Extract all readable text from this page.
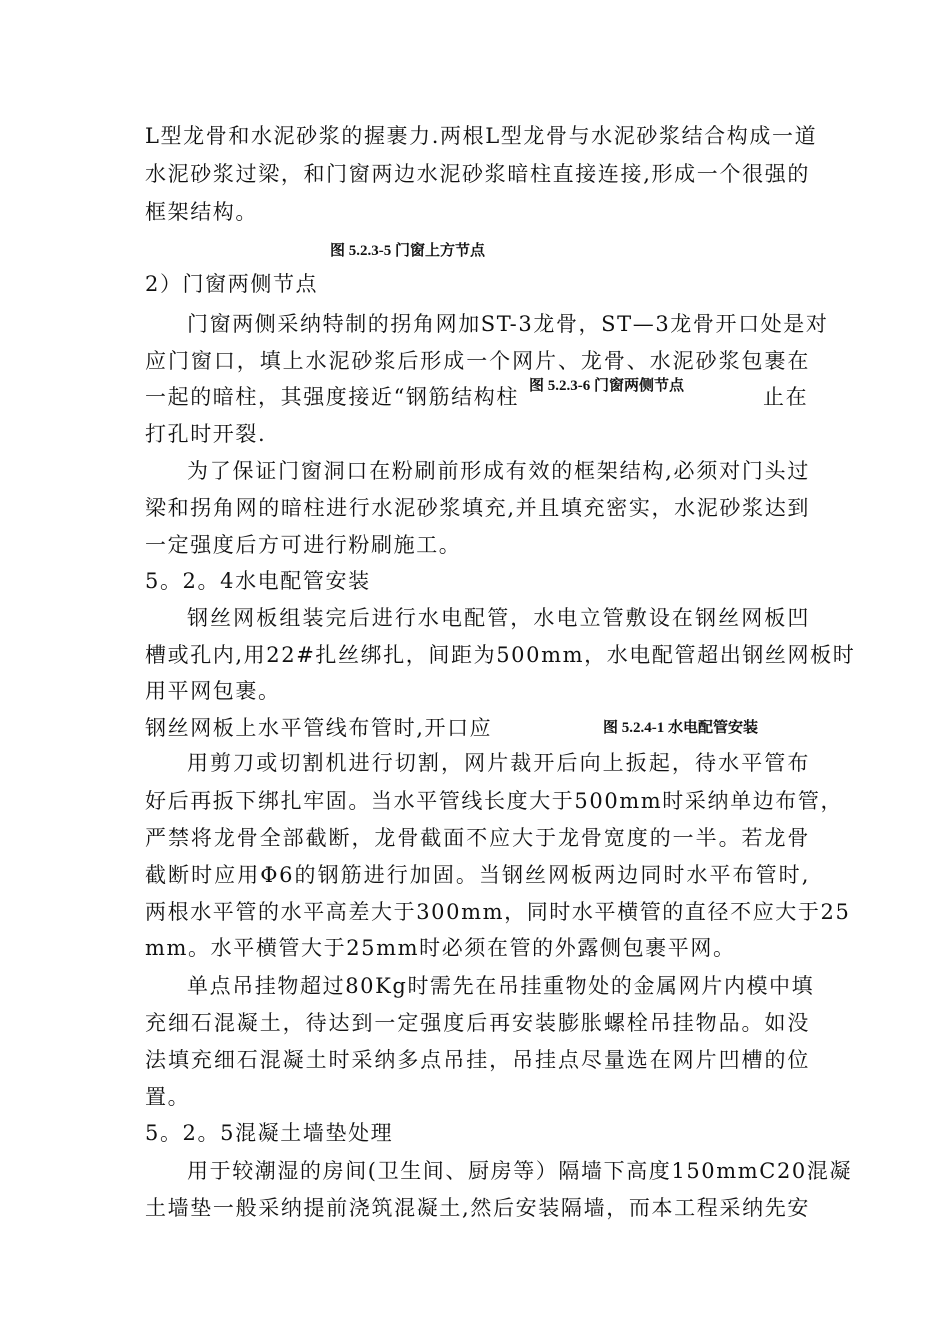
L型龙骨和水泥砂浆的握裹力.两根L型龙骨与水泥砂浆结合构成一道
水泥砂浆过梁，和门窗两边水泥砂浆暗柱直接连接,形成一个很强的
框架结构。
图 5.2.3-5 门窗上方节点
2）门窗两侧节点
门窗两侧采纳特制的拐角网加ST-3龙骨，ST—3龙骨开口处是对
应门窗口，填上水泥砂浆后形成一个网片、龙骨、水泥砂浆包裹在
一起的暗柱，其强度接近“钢筋结构柱 图 5.2.3-6 门窗两侧节点	止在
打孔时开裂.
为了保证门窗洞口在粉刷前形成有效的框架结构,必须对门头过
梁和拐角网的暗柱进行水泥砂浆填充,并且填充密实，水泥砂浆达到
一定强度后方可进行粉刷施工。
5。2。4水电配管安装
钢丝网板组装完后进行水电配管，水电立管敷设在钢丝网板凹
槽或孔内,用22#扎丝绑扎，间距为500mm，水电配管超出钢丝网板时
用平网包裹。
钢丝网板上水平管线布管时,开口应	图 5.2.4-1 水电配管安装
用剪刀或切割机进行切割，网片裁开后向上扳起，待水平管布
好后再扳下绑扎牢固。当水平管线长度大于500mm时采纳单边布管，
严禁将龙骨全部截断，龙骨截面不应大于龙骨宽度的一半。若龙骨
截断时应用Φ6的钢筋进行加固。当钢丝网板两边同时水平布管时,
两根水平管的水平高差大于300mm，同时水平横管的直径不应大于25
mm。水平横管大于25mm时必须在管的外露侧包裹平网。
单点吊挂物超过80Kg时需先在吊挂重物处的金属网片内模中填
充细石混凝土，待达到一定强度后再安装膨胀螺栓吊挂物品。如没
法填充细石混凝土时采纳多点吊挂，吊挂点尽量选在网片凹槽的位
置。
5。2。5混凝土墙垫处理
用于较潮湿的房间(卫生间、厨房等）隔墙下高度150mmC20混凝
土墙垫一般采纳提前浇筑混凝土,然后安装隔墙，而本工程采纳先安
